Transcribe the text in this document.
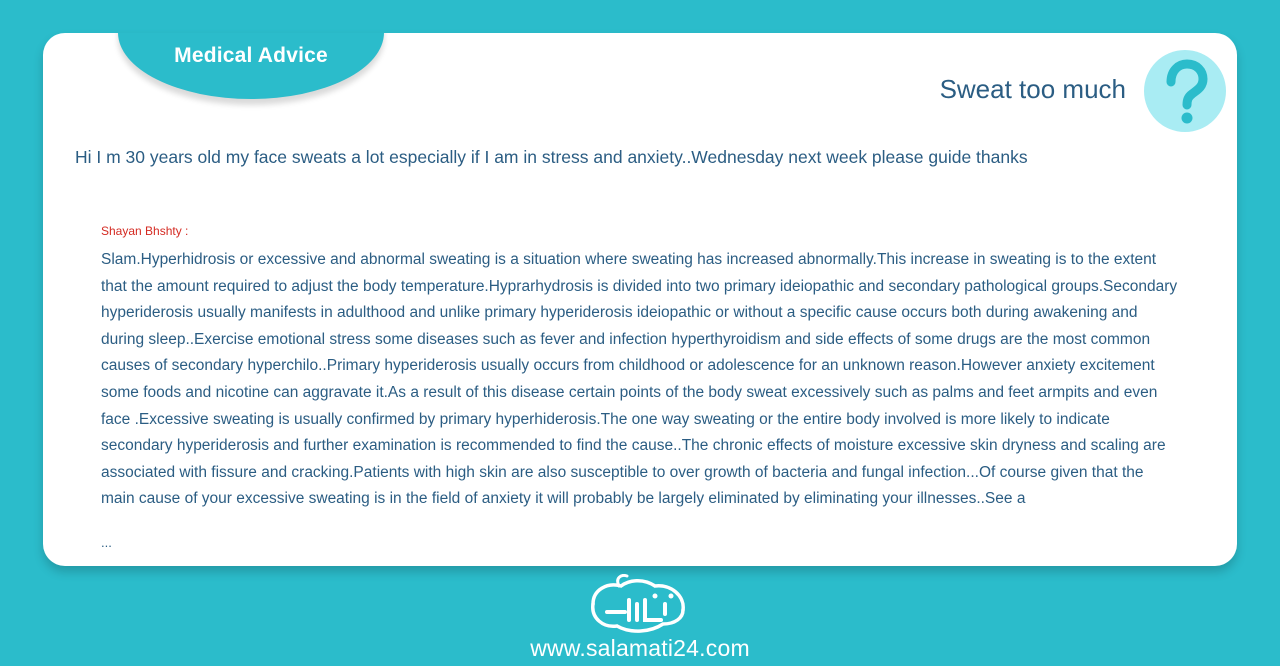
Medical Advice
Sweat too much
Hi I m 30 years old my face sweats a lot especially if I am in stress and anxiety..Wednesday next week please guide thanks
Shayan Bhshty :
Slam.Hyperhidrosis or excessive and abnormal sweating is a situation where sweating has increased abnormally.This increase in sweating is to the extent that the amount required to adjust the body temperature.Hyprarhydrosis is divided into two primary ideiopathic and secondary pathological groups.Secondary hyperiderosis usually manifests in adulthood and unlike primary hyperiderosis ideiopathic or without a specific cause occurs both during awakening and during sleep..Exercise emotional stress some diseases such as fever and infection hyperthyroidism and side effects of some drugs are the most common causes of secondary hyperchilo..Primary hyperiderosis usually occurs from childhood or adolescence for an unknown reason.However anxiety excitement some foods and nicotine can aggravate it.As a result of this disease certain points of the body sweat excessively such as palms and feet armpits and even face .Excessive sweating is usually confirmed by primary hyperhiderosis.The one way sweating or the entire body involved is more likely to indicate secondary hyperiderosis and further examination is recommended to find the cause..The chronic effects of moisture excessive skin dryness and scaling are associated with fissure and cracking.Patients with high skin are also susceptible to over growth of bacteria and fungal infection...Of course given that the main cause of your excessive sweating is in the field of anxiety it will probably be largely eliminated by eliminating your illnesses..See a
...
www.salamati24.com
